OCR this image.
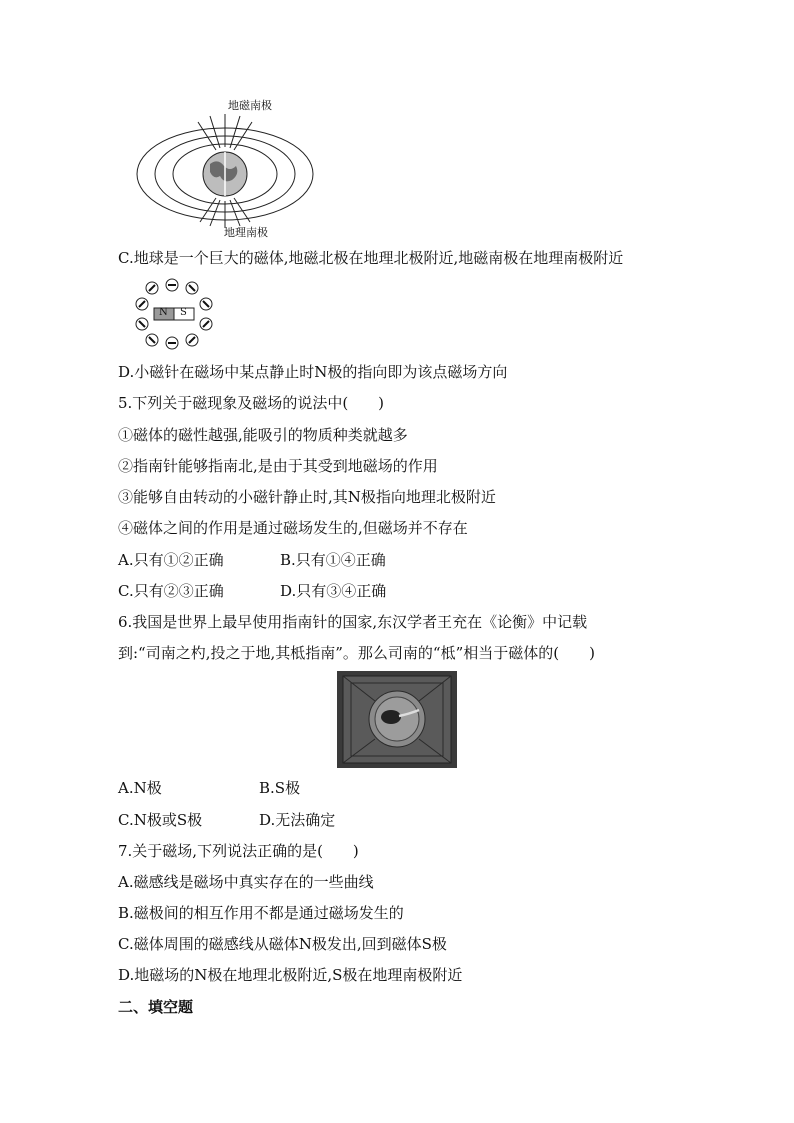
地磁南极
地理南极
C.地球是一个巨大的磁体,地磁北极在地理北极附近,地磁南极在地理南极附近
N S
D.小磁针在磁场中某点静止时N极的指向即为该点磁场方向
5.下列关于磁现象及磁场的说法中(　　)
①磁体的磁性越强,能吸引的物质种类就越多
②指南针能够指南北,是由于其受到地磁场的作用
③能够自由转动的小磁针静止时,其N极指向地理北极附近
④磁体之间的作用是通过磁场发生的,但磁场并不存在
A.只有①②正确	B.只有①④正确
C.只有②③正确	D.只有③④正确
6.我国是世界上最早使用指南针的国家,东汉学者王充在《论衡》中记载
到:“司南之杓,投之于地,其柢指南”。那么司南的“柢”相当于磁体的(　　)
A.N极	B.S极
C.N极或S极	D.无法确定
7.关于磁场,下列说法正确的是(　　)
A.磁感线是磁场中真实存在的一些曲线
B.磁极间的相互作用不都是通过磁场发生的
C.磁体周围的磁感线从磁体N极发出,回到磁体S极
D.地磁场的N极在地理北极附近,S极在地理南极附近
二、填空题
